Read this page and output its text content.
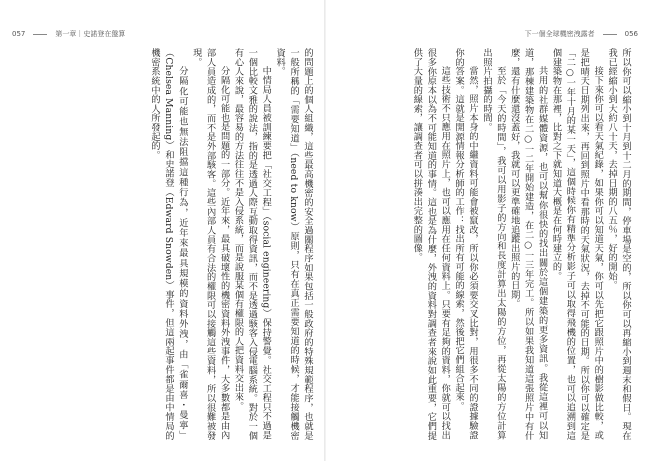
057	第一章｜史諾登在盤算	下一個全球機密洩露者	056

所以你可以縮小到十月到十二月的期間，停車場是空的，所以你可以再縮小到週末和假日。現在我已經縮小到大約八十天，去掉日期的八五％，好的開始。

接下來你可以看天氣紀錄，如果你可以知道天氣，你可以先把它跟照片中的樹影做比較，或是把晴天日期列出來，再回到照片中看那時的天氣狀況，去掉不可能的日期。所以你可以確定是「二○一年十月的某一天」，這個時候你有精準分析影子可以取得飛機的位置，也可以追溯到這個建築物在那裡，比對之下就知道大概是在何時建立的。

共用的社群媒體資源，也可以幫你很快的找出關於這個建築的更多資訊。我從這裡可以知道，那棟建築物在二○一二年開始建造，在二○一三年完工。所以如果我知道這張照片中有什麼，還有什麼還沒蓋好，我就可以更準確地追蹤出照片的日期。

至於「今天的時間」，我可以用影子的方向和長度計算出太陽的方位，再從太陽的方位計算出照片拍攝的時間。

當然，照片本身的中繼資料可能會被竄改，所以你必須要交叉比對，用很多不同的證據驗證你的答案。這就是開源情報分析師的工作：找出所有可能的線索，然後把它們組合起來。

這些技術不只應用在照片上，也可以應用在任何資料上。只要有足夠的資料，你就可以找出很多你原本以為不可能知道的事情。這也是為什麼，外洩的資料對調查者來說如此重要，它們提供了大量的線索，讓調查者可以拼湊出完整的圖像。

的問題上的個人組織，這些最高機密的安全過關程序如果包括一般政府的特殊規範程序，也就是一般所稱的「需要知道」（need to know）原則，只有在真正需要知道的時候，才能接觸機密資料。

中情局人員被訓練要把「社交工程」（social engineering）保持警覺。社交工程只不過是一個比較文雅的說法，指的是透過人際互動取得資訊，而不是透過駭客入侵電腦系統。對於一個有心人來說，最容易的方法往往不是入侵系統，而是說服某個有權限的人把資料交出來。

分隔化可能也是問題的一部分。近年來，最具破壞性的機密資料外洩事件，大多數都是由內部人員造成的，而不是外部駭客。這些內部人員有合法的權限可以接觸這些資料，所以很難被發現。

分隔化可能也無法阻擋這種行為，近年來最具規模的資料外洩，由「雀爾喜・曼寧」（Chelsea Manning）和史諾登（Edward Snowden）事件，但這兩起事件都是由中情局的機密系統中的人所發起的。
